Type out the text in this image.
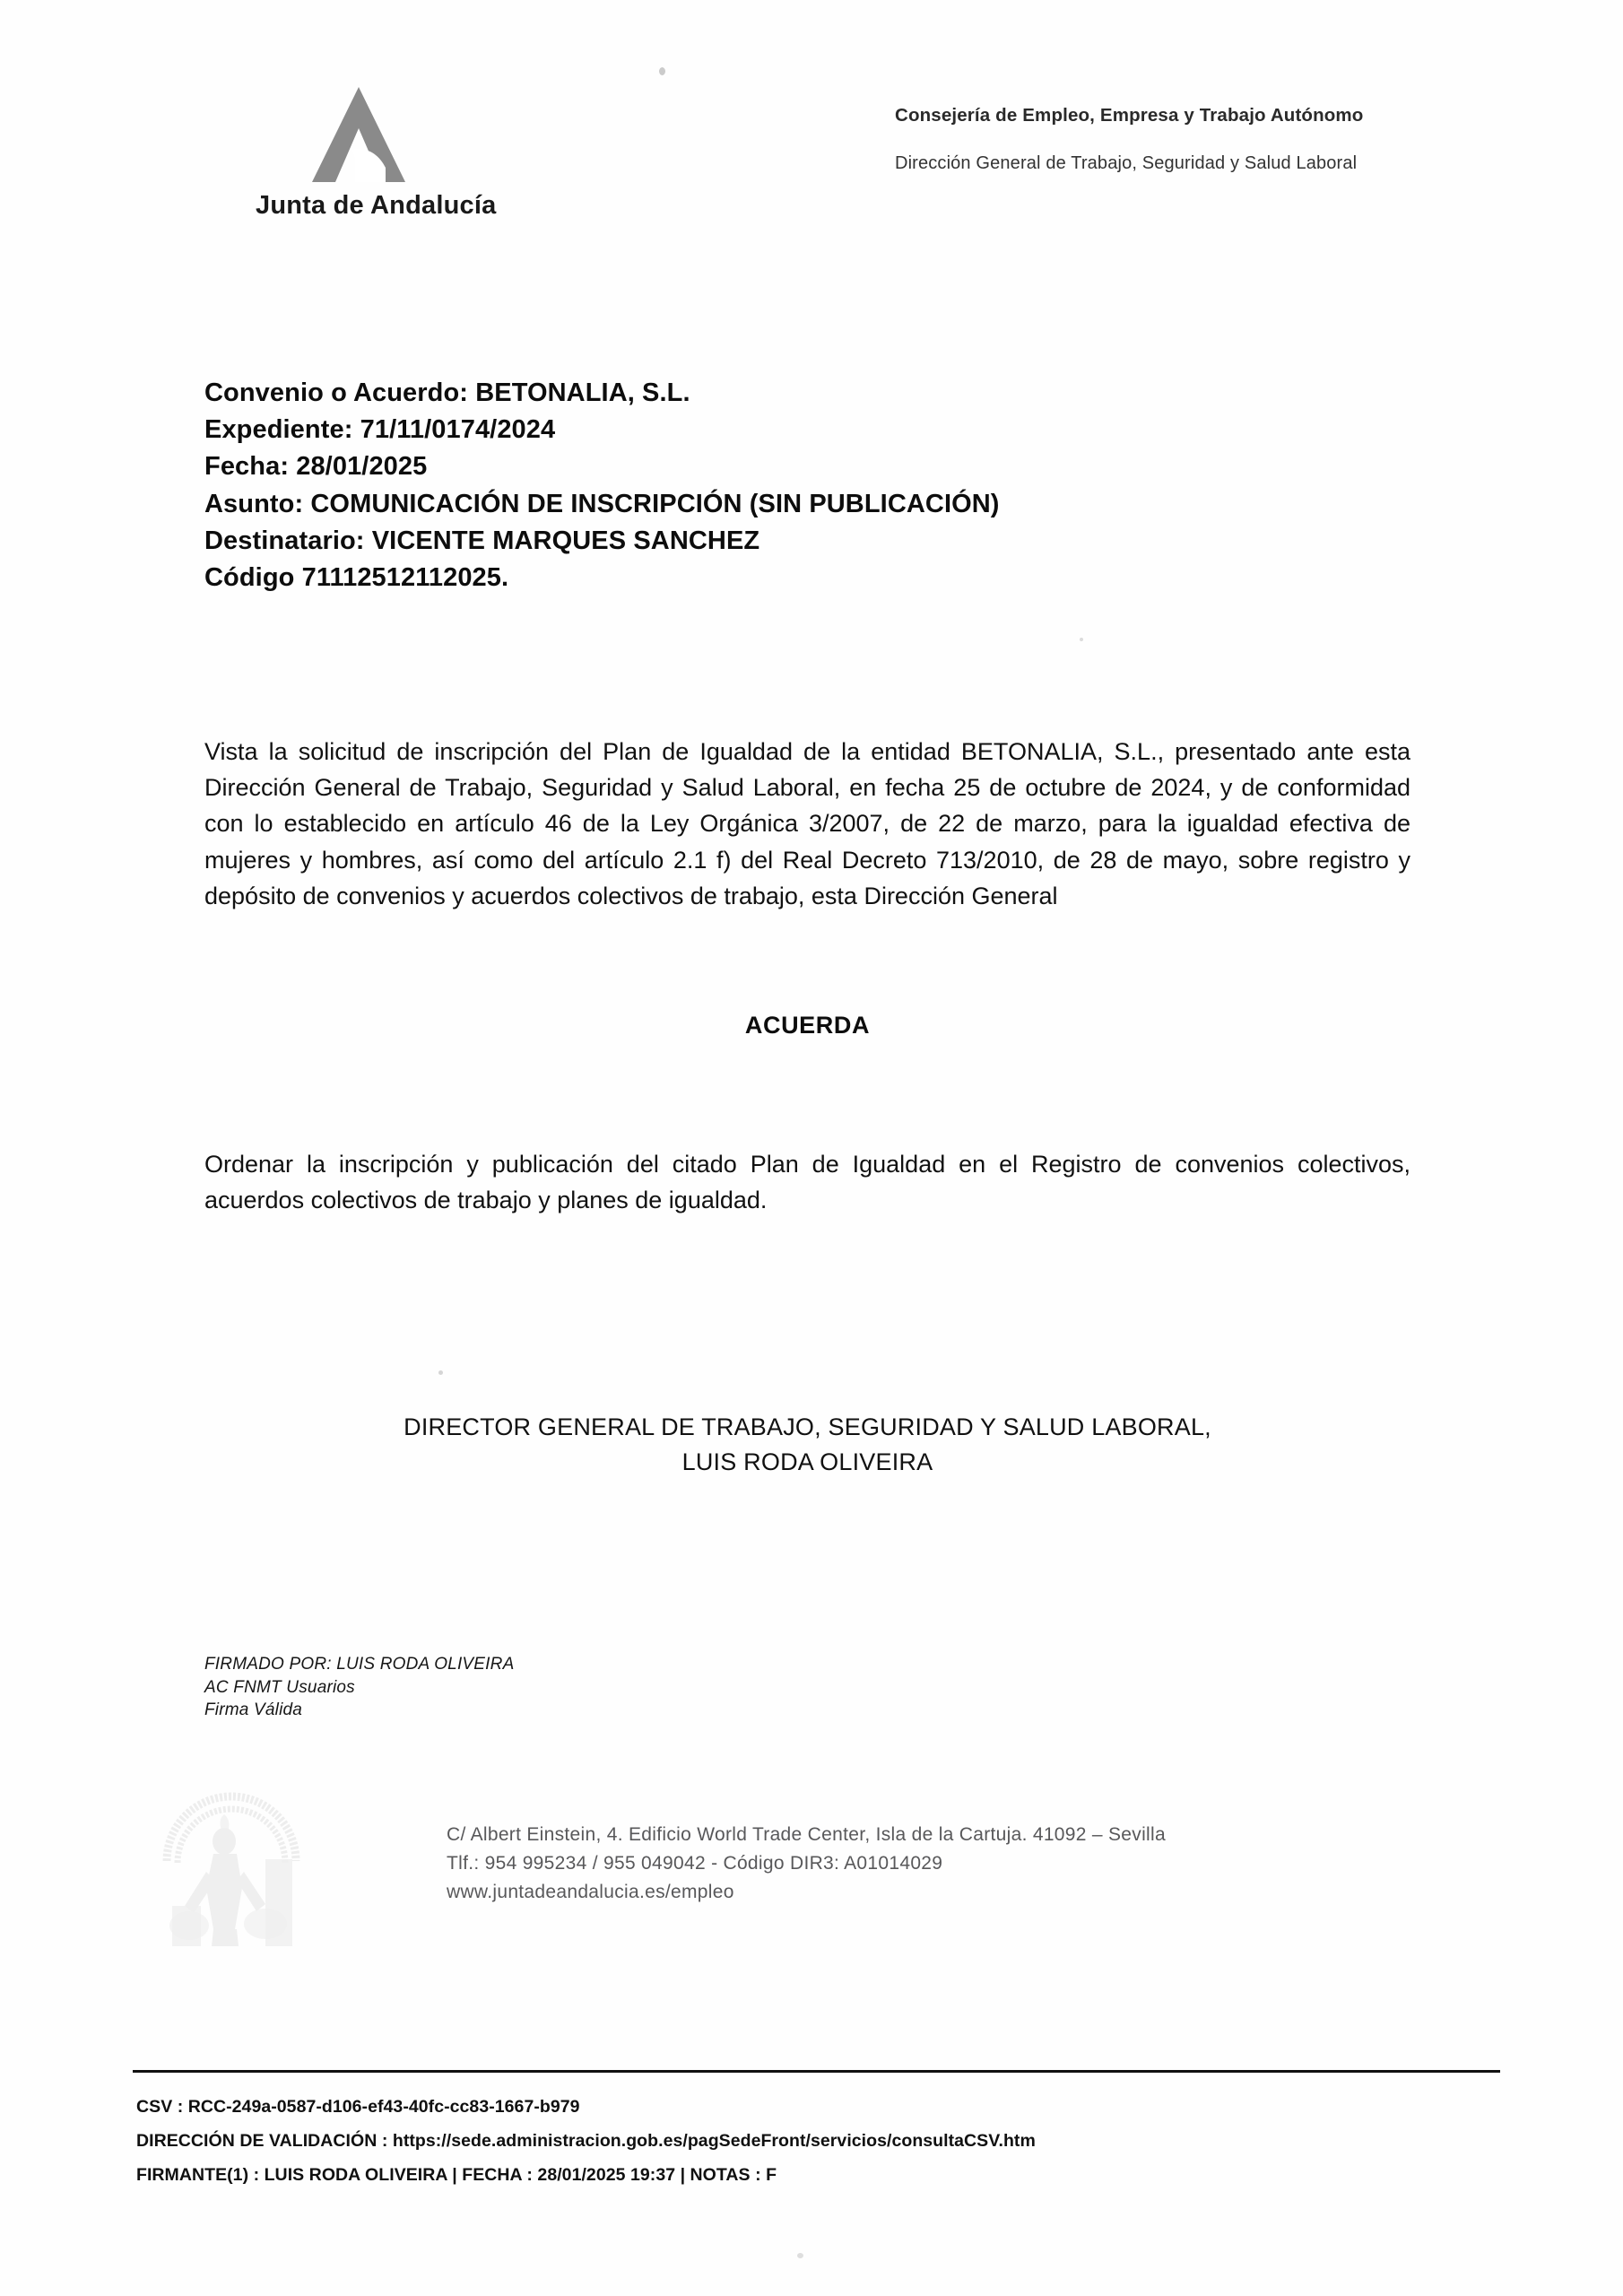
Junta de Andalucía
Consejería de Empleo, Empresa y Trabajo Autónomo
Dirección General de Trabajo, Seguridad y Salud Laboral
Convenio o Acuerdo: BETONALIA, S.L.
Expediente: 71/11/0174/2024
Fecha: 28/01/2025
Asunto: COMUNICACIÓN DE INSCRIPCIÓN (SIN PUBLICACIÓN)
Destinatario: VICENTE MARQUES SANCHEZ
Código 71112512112025.
Vista la solicitud de inscripción del Plan de Igualdad de la entidad BETONALIA, S.L., presentado ante esta Dirección General de Trabajo, Seguridad y Salud Laboral, en fecha 25 de octubre de 2024, y de conformidad con lo establecido en artículo 46 de la Ley Orgánica 3/2007, de 22 de marzo, para la igualdad efectiva de mujeres y hombres, así como del artículo 2.1 f) del Real Decreto 713/2010, de 28 de mayo, sobre registro y depósito de convenios y acuerdos colectivos de trabajo, esta Dirección General
ACUERDA
Ordenar la inscripción y publicación del citado Plan de Igualdad en el Registro de convenios colectivos, acuerdos colectivos de trabajo y planes de igualdad.
DIRECTOR GENERAL DE TRABAJO, SEGURIDAD Y SALUD LABORAL,
LUIS RODA OLIVEIRA
FIRMADO POR: LUIS RODA OLIVEIRA
AC FNMT Usuarios
Firma Válida
C/ Albert Einstein, 4. Edificio World Trade Center, Isla de la Cartuja. 41092 – Sevilla
Tlf.: 954 995234 / 955 049042 - Código DIR3: A01014029
www.juntadeandalucia.es/empleo
CSV : RCC-249a-0587-d106-ef43-40fc-cc83-1667-b979
DIRECCIÓN DE VALIDACIÓN : https://sede.administracion.gob.es/pagSedeFront/servicios/consultaCSV.htm
FIRMANTE(1) : LUIS RODA OLIVEIRA | FECHA : 28/01/2025 19:37 | NOTAS : F
